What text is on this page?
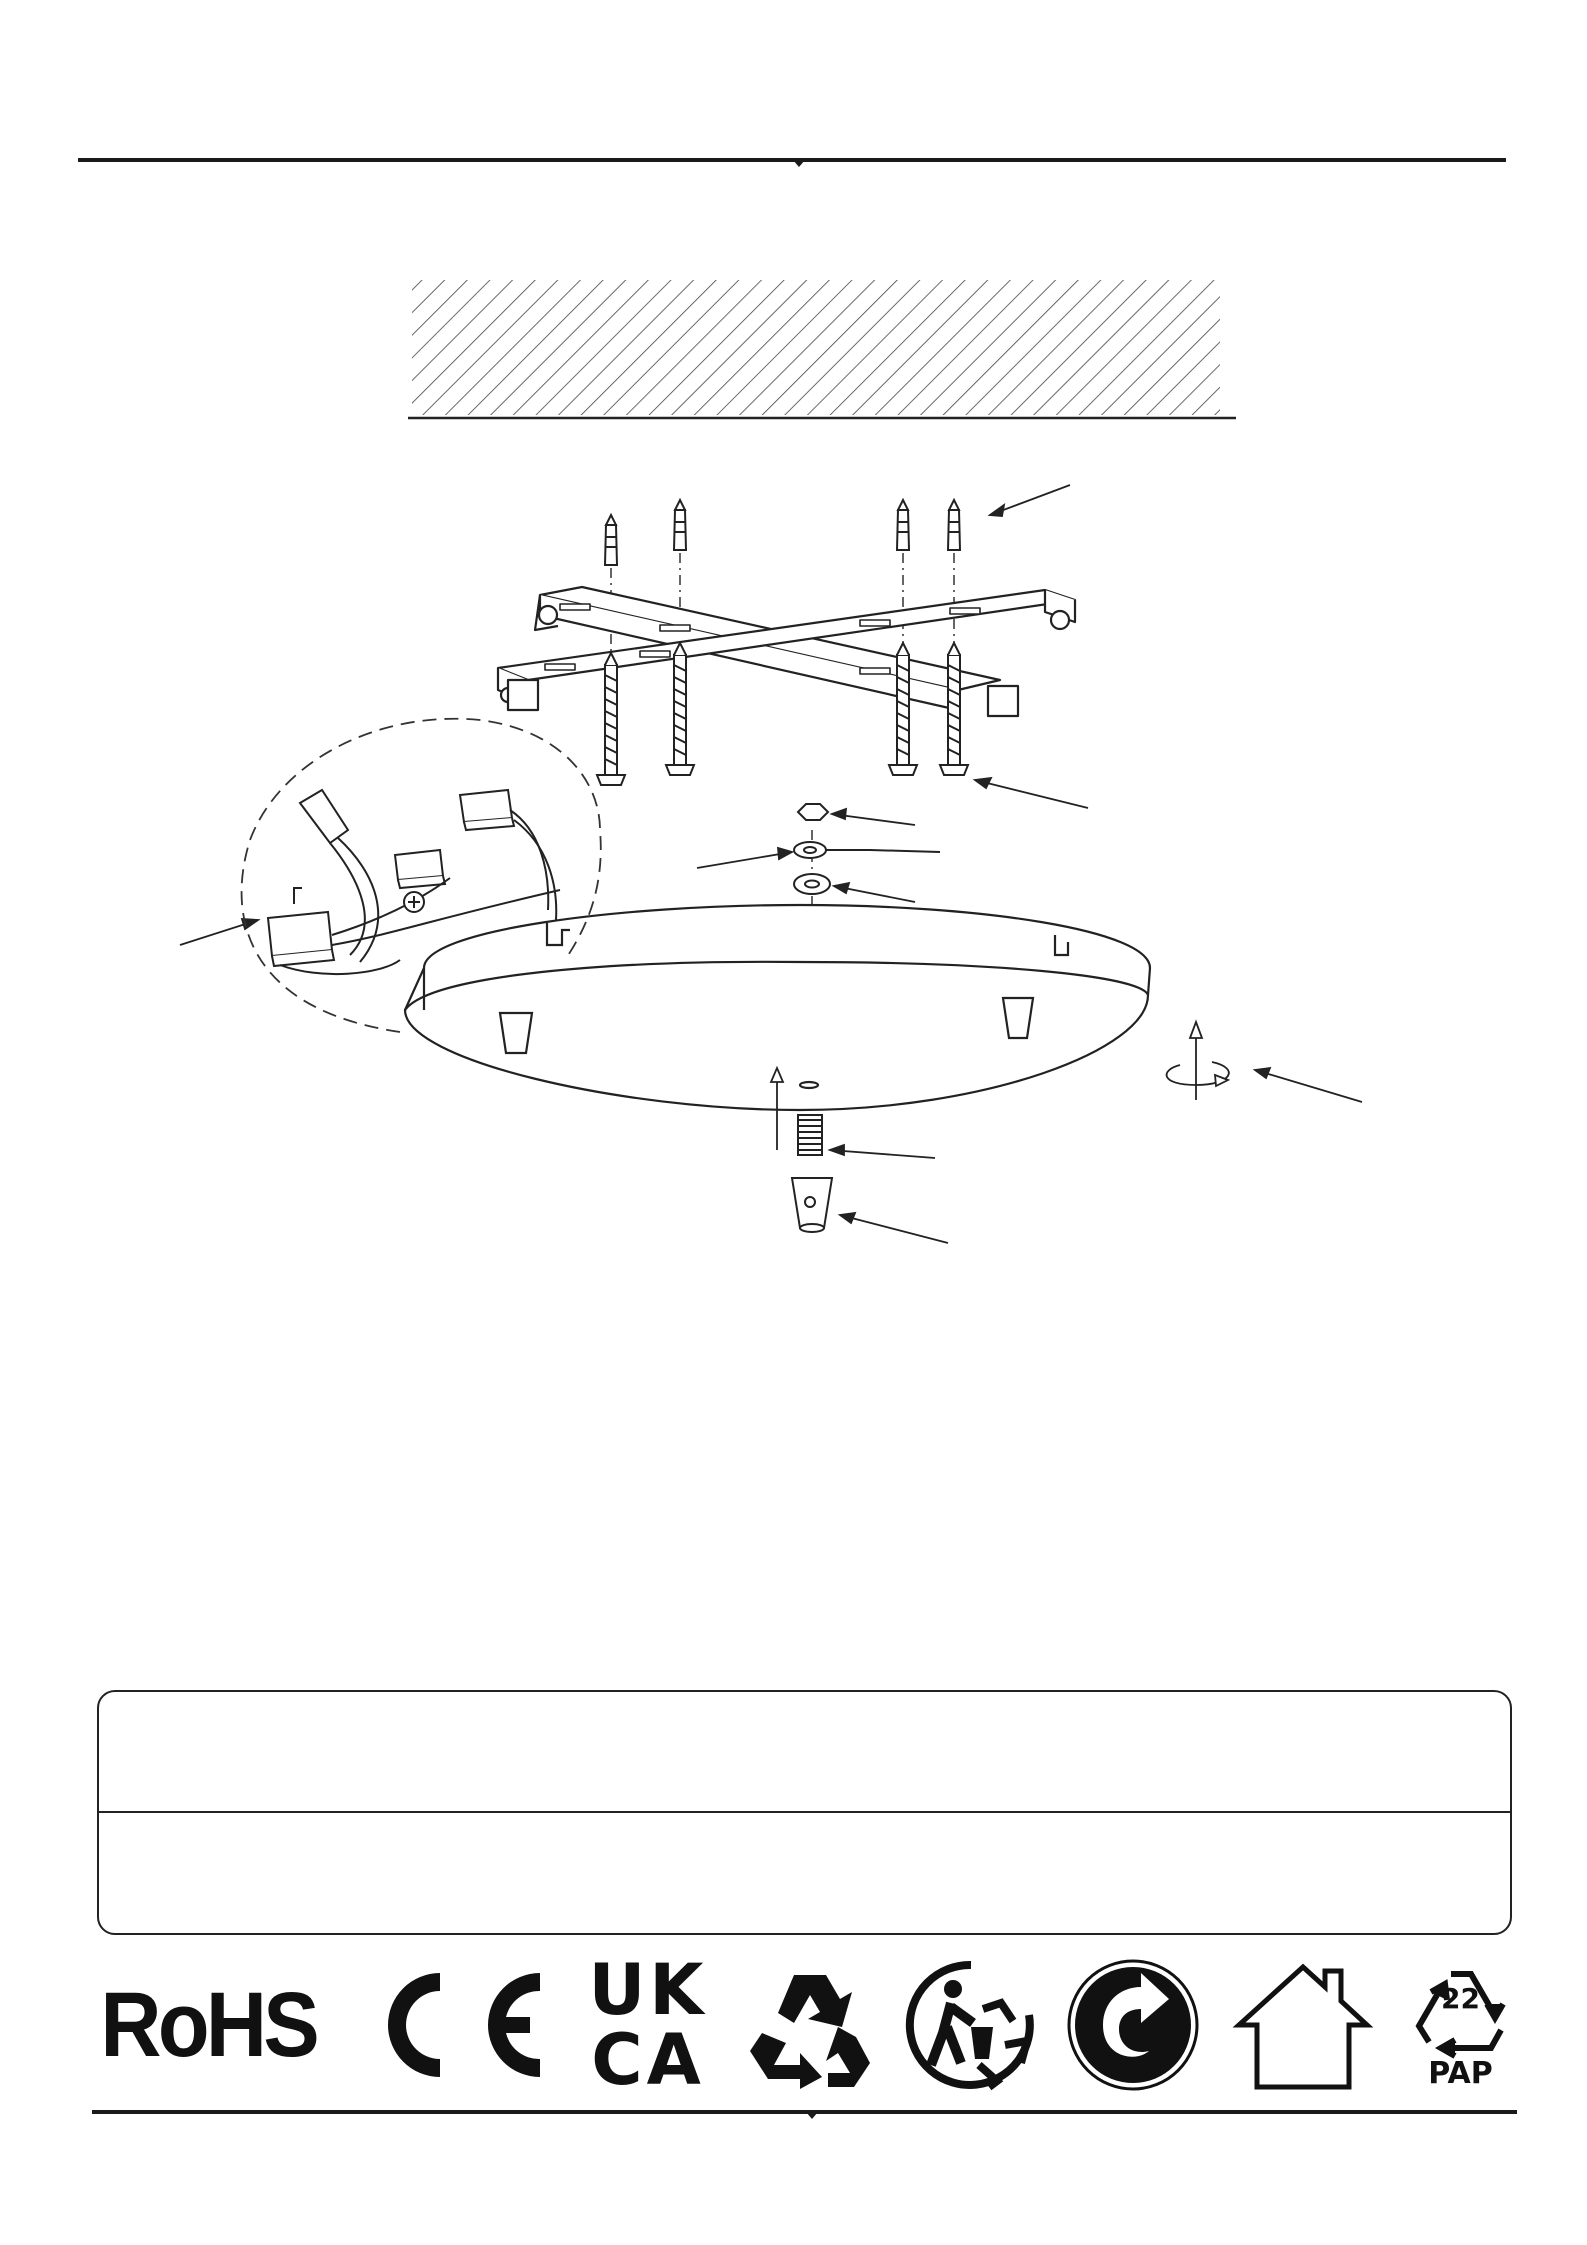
RoHS	UK
CA
22
PAP
